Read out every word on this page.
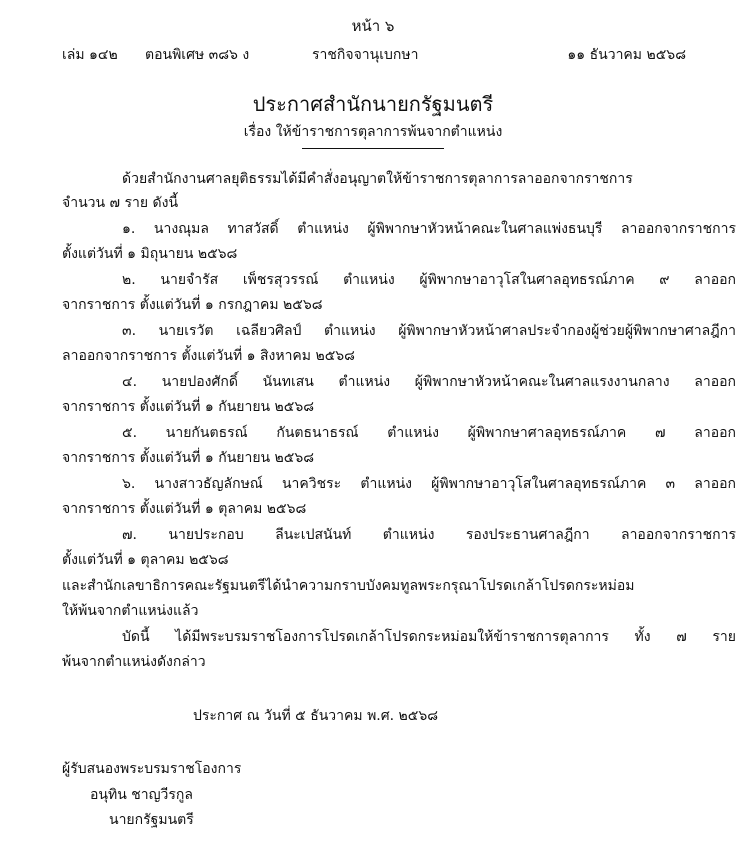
หน้า ๖
เล่ม ๑๔๒ ตอนพิเศษ ๓๘๖ ง	ราชกิจจานุเบกษา	๑๑ ธันวาคม ๒๕๖๘
ประกาศสำนักนายกรัฐมนตรี
เรื่อง ให้ข้าราชการตุลาการพ้นจากตำแหน่ง
ด้วยสำนักงานศาลยุติธรรมได้มีคำสั่งอนุญาตให้ข้าราชการตุลาการลาออกจากราชการ
จำนวน ๗ ราย ดังนี้
๑. นางณุมล ทาสวัสดิ์ ตำแหน่ง ผู้พิพากษาหัวหน้าคณะในศาลแพ่งธนบุรี ลาออกจากราชการ
ตั้งแต่วันที่ ๑ มิถุนายน ๒๕๖๘
๒. นายจำรัส เพ็ชรสุวรรณ์ ตำแหน่ง ผู้พิพากษาอาวุโสในศาลอุทธรณ์ภาค ๙ ลาออก
จากราชการ ตั้งแต่วันที่ ๑ กรกฎาคม ๒๕๖๘
๓. นายเรวัต เฉลียวศิลป์ ตำแหน่ง ผู้พิพากษาหัวหน้าศาลประจำกองผู้ช่วยผู้พิพากษาศาลฎีกา
ลาออกจากราชการ ตั้งแต่วันที่ ๑ สิงหาคม ๒๕๖๘
๔. นายปองศักดิ์ นันทเสน ตำแหน่ง ผู้พิพากษาหัวหน้าคณะในศาลแรงงานกลาง ลาออก
จากราชการ ตั้งแต่วันที่ ๑ กันยายน ๒๕๖๘
๕. นายกันตธรณ์ กันตธนาธรณ์ ตำแหน่ง ผู้พิพากษาศาลอุทธรณ์ภาค ๗ ลาออก
จากราชการ ตั้งแต่วันที่ ๑ กันยายน ๒๕๖๘
๖. นางสาวธัญลักษณ์ นาควิชระ ตำแหน่ง ผู้พิพากษาอาวุโสในศาลอุทธรณ์ภาค ๓ ลาออก
จากราชการ ตั้งแต่วันที่ ๑ ตุลาคม ๒๕๖๘
๗. นายประกอบ ลีนะเปสนันท์ ตำแหน่ง รองประธานศาลฎีกา ลาออกจากราชการ
ตั้งแต่วันที่ ๑ ตุลาคม ๒๕๖๘
และสำนักเลขาธิการคณะรัฐมนตรีได้นำความกราบบังคมทูลพระกรุณาโปรดเกล้าโปรดกระหม่อม
ให้พ้นจากตำแหน่งแล้ว
บัดนี้ ได้มีพระบรมราชโองการโปรดเกล้าโปรดกระหม่อมให้ข้าราชการตุลาการ ทั้ง ๗ ราย
พ้นจากตำแหน่งดังกล่าว
ประกาศ ณ วันที่ ๕ ธันวาคม พ.ศ. ๒๕๖๘
ผู้รับสนองพระบรมราชโองการ
อนุทิน ชาญวีรกูล
นายกรัฐมนตรี
